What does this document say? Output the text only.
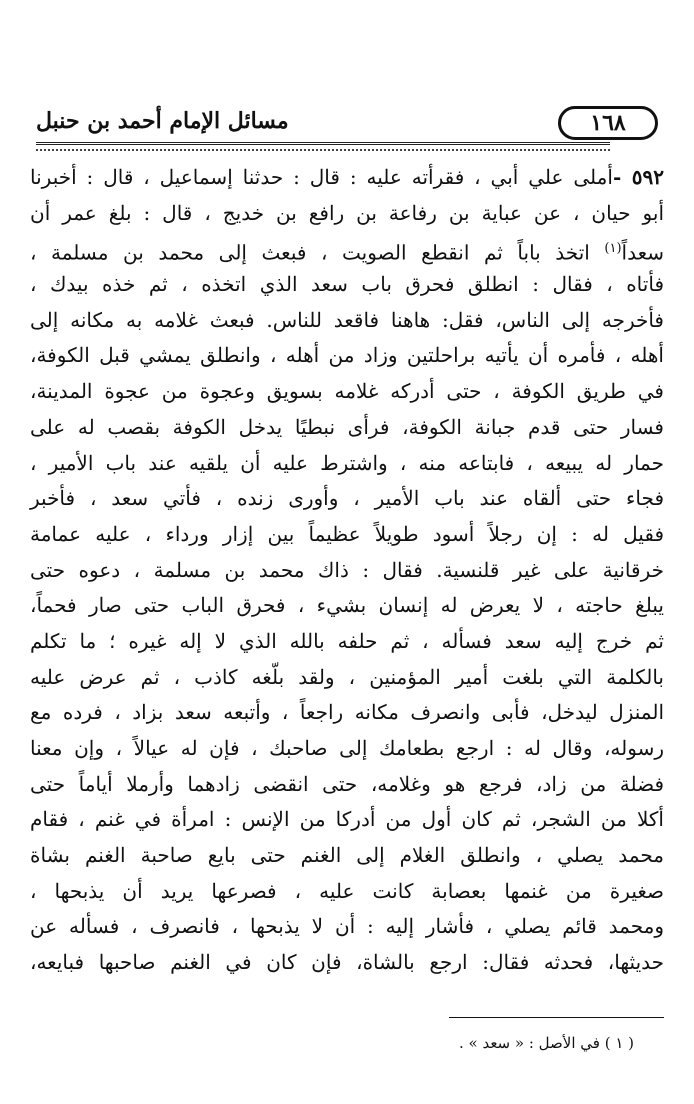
١٦٨
مسائل الإمام أحمد بن حنبل
٥٩٢ -أملى علي أبي ، فقرأته عليه : قال : حدثنا إسماعيل ، قال : أخبرنا
أبو حيان ، عن عباية بن رفاعة بن رافع بن خديج ، قال : بلغ عمر أن
سعداً$^{(١)}$ اتخذ باباً ثم انقطع الصويت ، فبعث إلى محمد بن مسلمة ،
فأتاه ، فقال : انطلق فحرق باب سعد الذي اتخذه ، ثم خذه بيدك ،
فأخرجه إلى الناس، فقل: هاهنا فاقعد للناس. فبعث غلامه به مكانه إلى
أهله ، فأمره أن يأتيه براحلتين وزاد من أهله ، وانطلق يمشي قبل الكوفة،
في طريق الكوفة ، حتى أدركه غلامه بسويق وعجوة من عجوة المدينة،
فسار حتى قدم جبانة الكوفة، فرأى نبطيًا يدخل الكوفة بقصب له على
حمار له يبيعه ، فابتاعه منه ، واشترط عليه أن يلقيه عند باب الأمير ،
فجاء حتى ألقاه عند باب الأمير ، وأورى زنده ، فأتي سعد ، فأخبر
فقيل له : إن رجلاً أسود طويلاً عظيماً بين إزار ورداء ، عليه عمامة
خرقانية على غير قلنسية. فقال : ذاك محمد بن مسلمة ، دعوه حتى
يبلغ حاجته ، لا يعرض له إنسان بشيء ، فحرق الباب حتى صار فحماً،
ثم خرج إليه سعد فسأله ، ثم حلفه بالله الذي لا إله غيره ؛ ما تكلم
بالكلمة التي بلغت أمير المؤمنين ، ولقد بلّغه كاذب ، ثم عرض عليه
المنزل ليدخل، فأبى وانصرف مكانه راجعاً ، وأتبعه سعد بزاد ، فرده مع
رسوله، وقال له : ارجع بطعامك إلى صاحبك ، فإن له عيالاً ، وإن معنا
فضلة من زاد، فرجع هو وغلامه، حتى انقضى زادهما وأرملا أياماً حتى
أكلا من الشجر، ثم كان أول من أدركا من الإنس : امرأة في غنم ، فقام
محمد يصلي ، وانطلق الغلام إلى الغنم حتى بايع صاحبة الغنم بشاة
صغيرة من غنمها بعصابة كانت عليه ، فصرعها يريد أن يذبحها ،
ومحمد قائم يصلي ، فأشار إليه : أن لا يذبحها ، فانصرف ، فسأله عن
حديثها، فحدثه فقال: ارجع بالشاة، فإن كان في الغنم صاحبها فبايعه،
( ١ ) في الأصل : « سعد » .
